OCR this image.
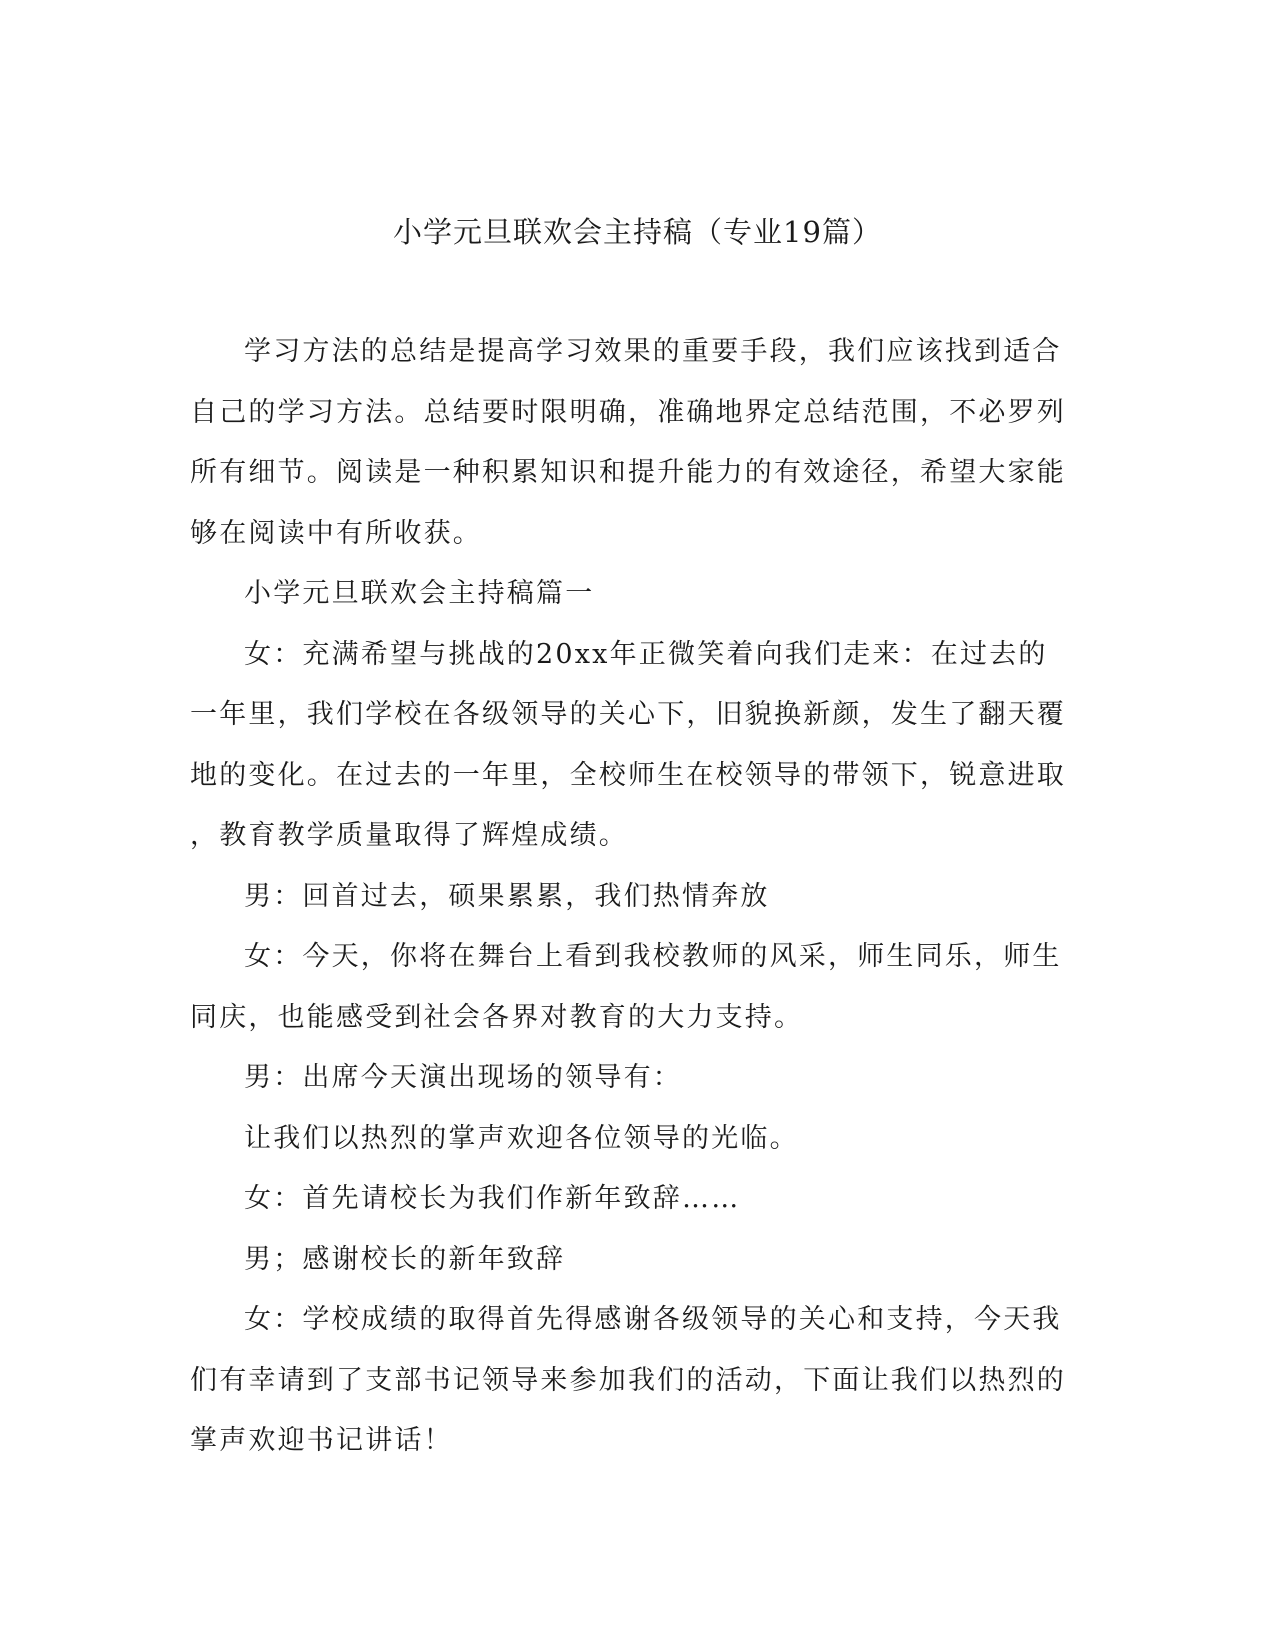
小学元旦联欢会主持稿（专业19篇）

学习方法的总结是提高学习效果的重要手段，我们应该找到适合
自己的学习方法。总结要时限明确，准确地界定总结范围，不必罗列
所有细节。阅读是一种积累知识和提升能力的有效途径，希望大家能
够在阅读中有所收获。

小学元旦联欢会主持稿篇一

女：充满希望与挑战的20xx年正微笑着向我们走来：在过去的
一年里，我们学校在各级领导的关心下，旧貌换新颜，发生了翻天覆
地的变化。在过去的一年里，全校师生在校领导的带领下，锐意进取
，教育教学质量取得了辉煌成绩。

男：回首过去，硕果累累，我们热情奔放

女：今天，你将在舞台上看到我校教师的风采，师生同乐，师生
同庆，也能感受到社会各界对教育的大力支持。

男：出席今天演出现场的领导有：

让我们以热烈的掌声欢迎各位领导的光临。

女：首先请校长为我们作新年致辞……

男；感谢校长的新年致辞

女：学校成绩的取得首先得感谢各级领导的关心和支持，今天我
们有幸请到了支部书记领导来参加我们的活动，下面让我们以热烈的
掌声欢迎书记讲话！
